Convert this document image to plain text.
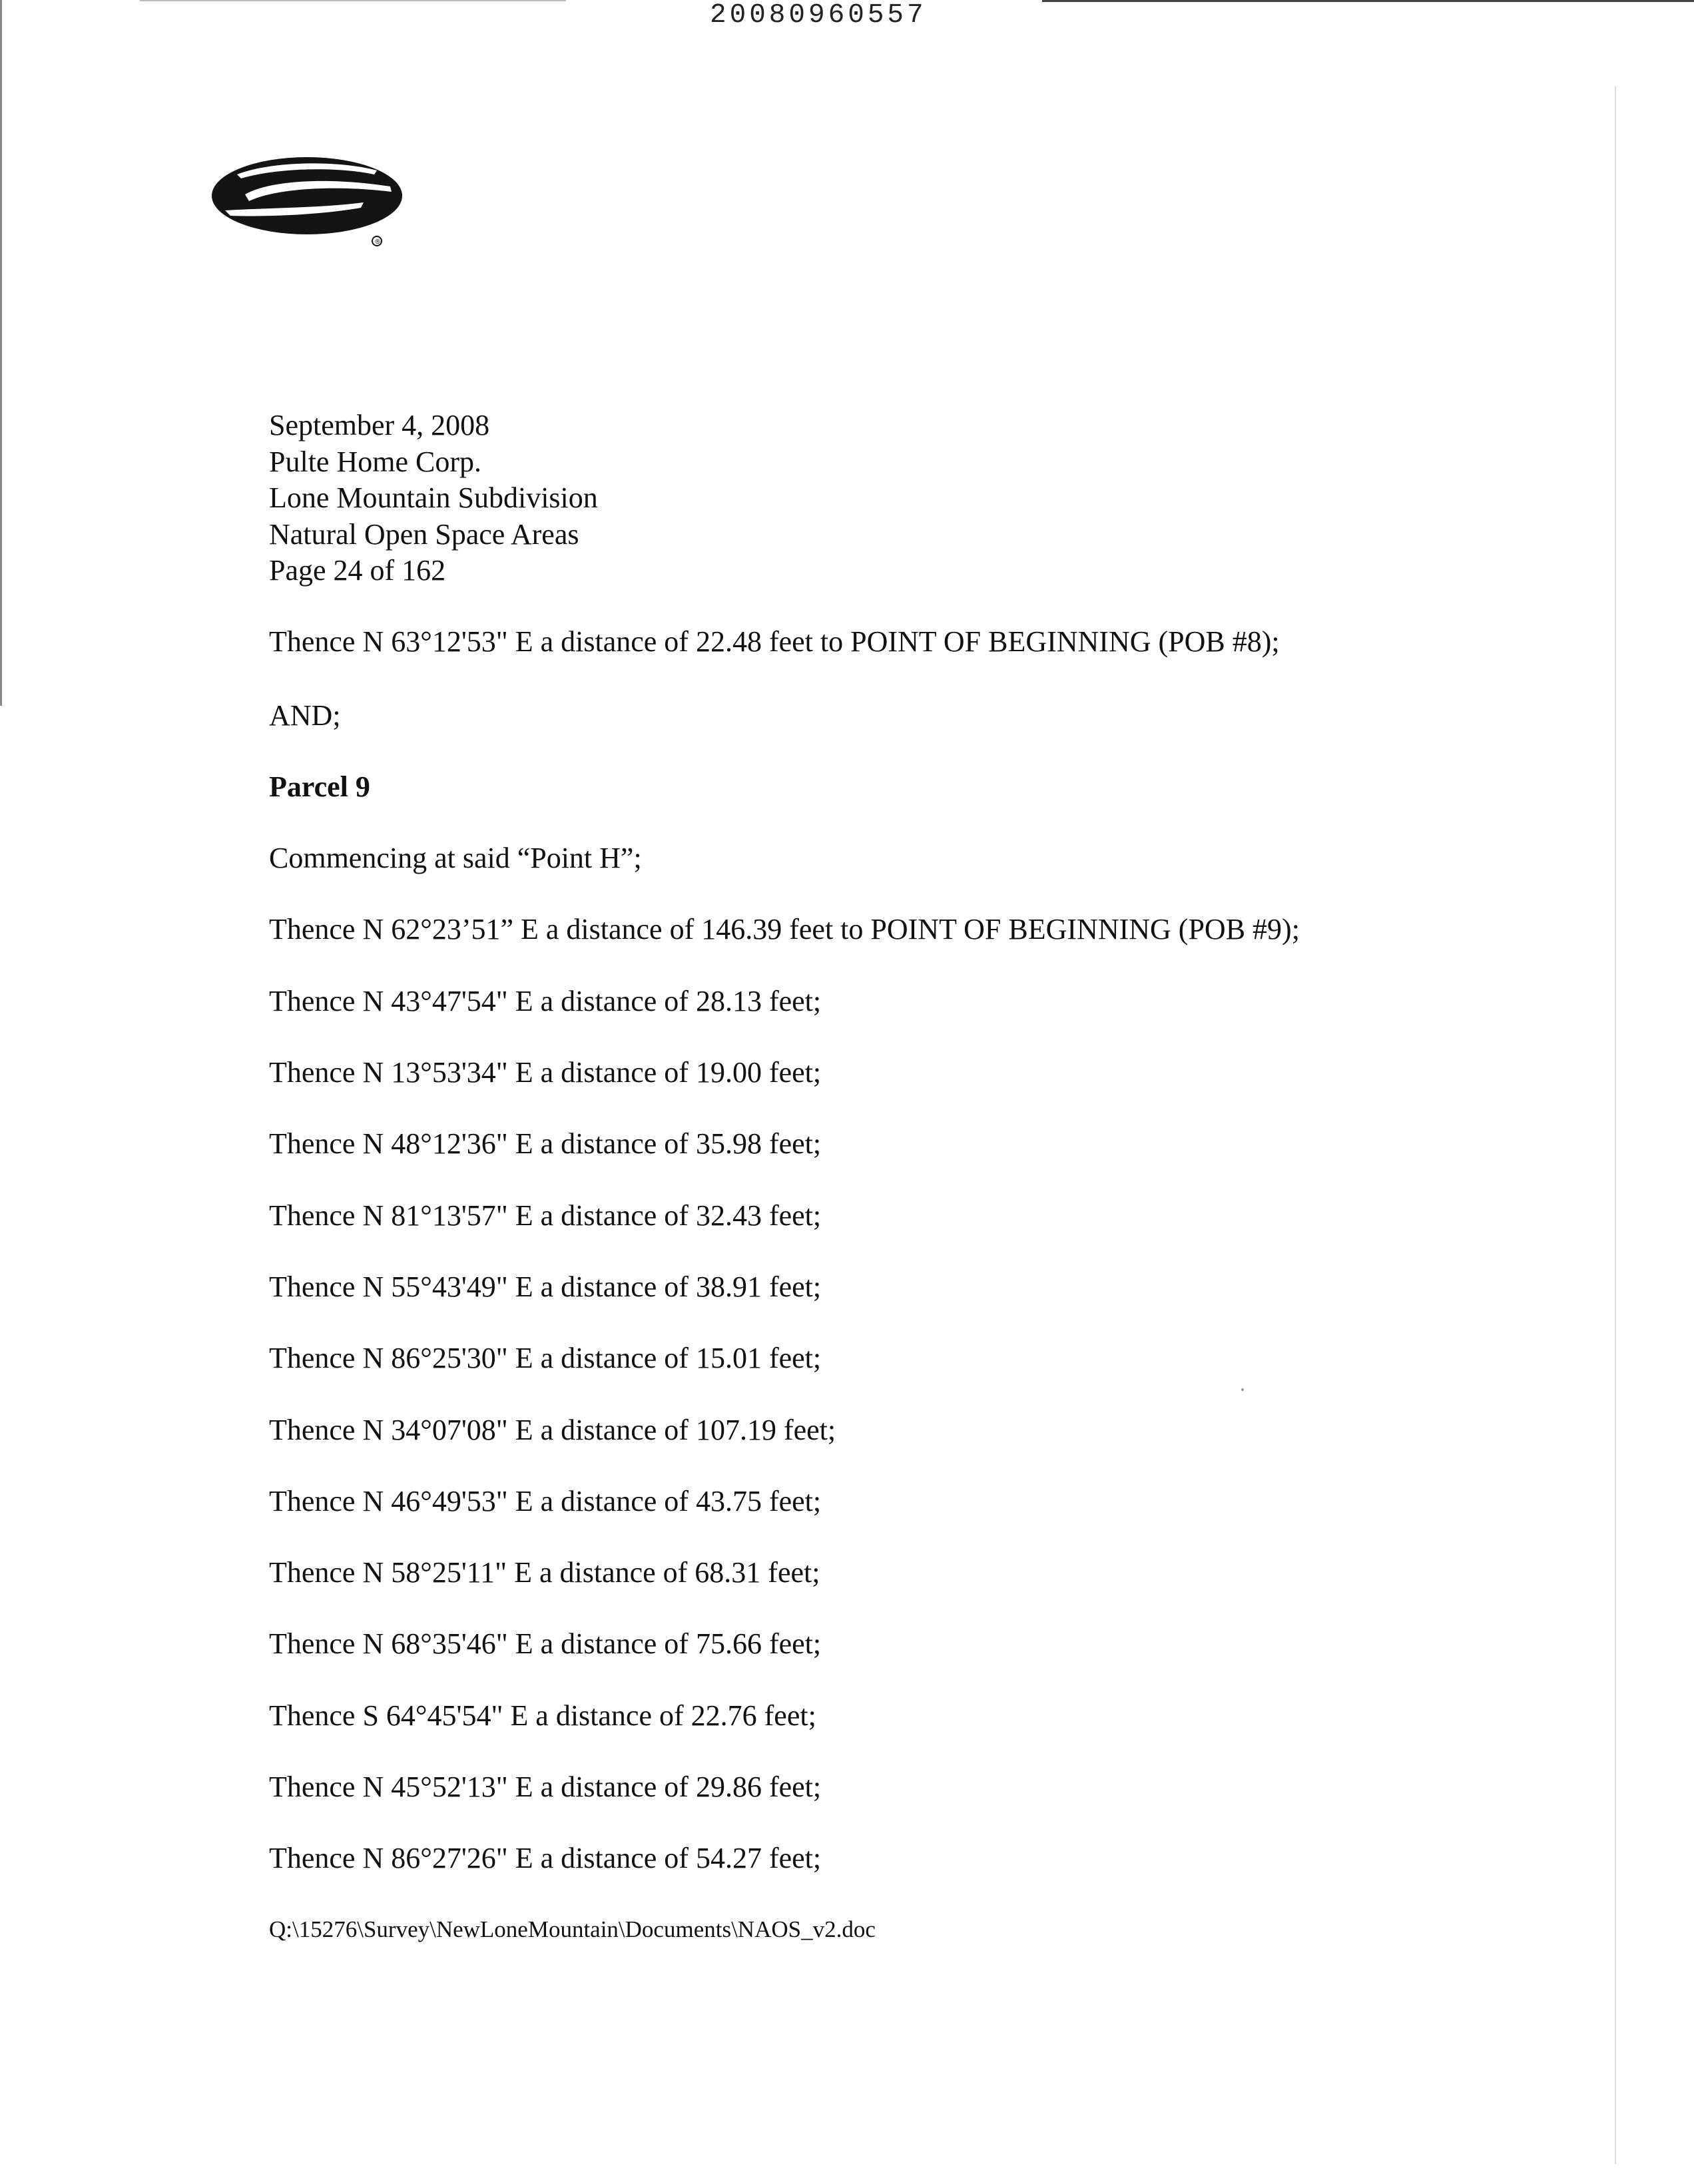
20080960557
®
September 4, 2008
Pulte Home Corp.
Lone Mountain Subdivision
Natural Open Space Areas
Page 24 of 162
Thence N 63°12'53" E a distance of 22.48 feet to POINT OF BEGINNING (POB #8);
AND;
Parcel 9
Commencing at said “Point H”;
Thence N 62°23’51” E a distance of 146.39 feet to POINT OF BEGINNING (POB #9);
Thence N 43°47'54" E a distance of 28.13 feet;
Thence N 13°53'34" E a distance of 19.00 feet;
Thence N 48°12'36" E a distance of 35.98 feet;
Thence N 81°13'57" E a distance of 32.43 feet;
Thence N 55°43'49" E a distance of 38.91 feet;
Thence N 86°25'30" E a distance of 15.01 feet;
Thence N 34°07'08" E a distance of 107.19 feet;
Thence N 46°49'53" E a distance of 43.75 feet;
Thence N 58°25'11" E a distance of 68.31 feet;
Thence N 68°35'46" E a distance of 75.66 feet;
Thence S 64°45'54" E a distance of 22.76 feet;
Thence N 45°52'13" E a distance of 29.86 feet;
Thence N 86°27'26" E a distance of 54.27 feet;
Q:\15276\Survey\NewLoneMountain\Documents\NAOS_v2.doc
